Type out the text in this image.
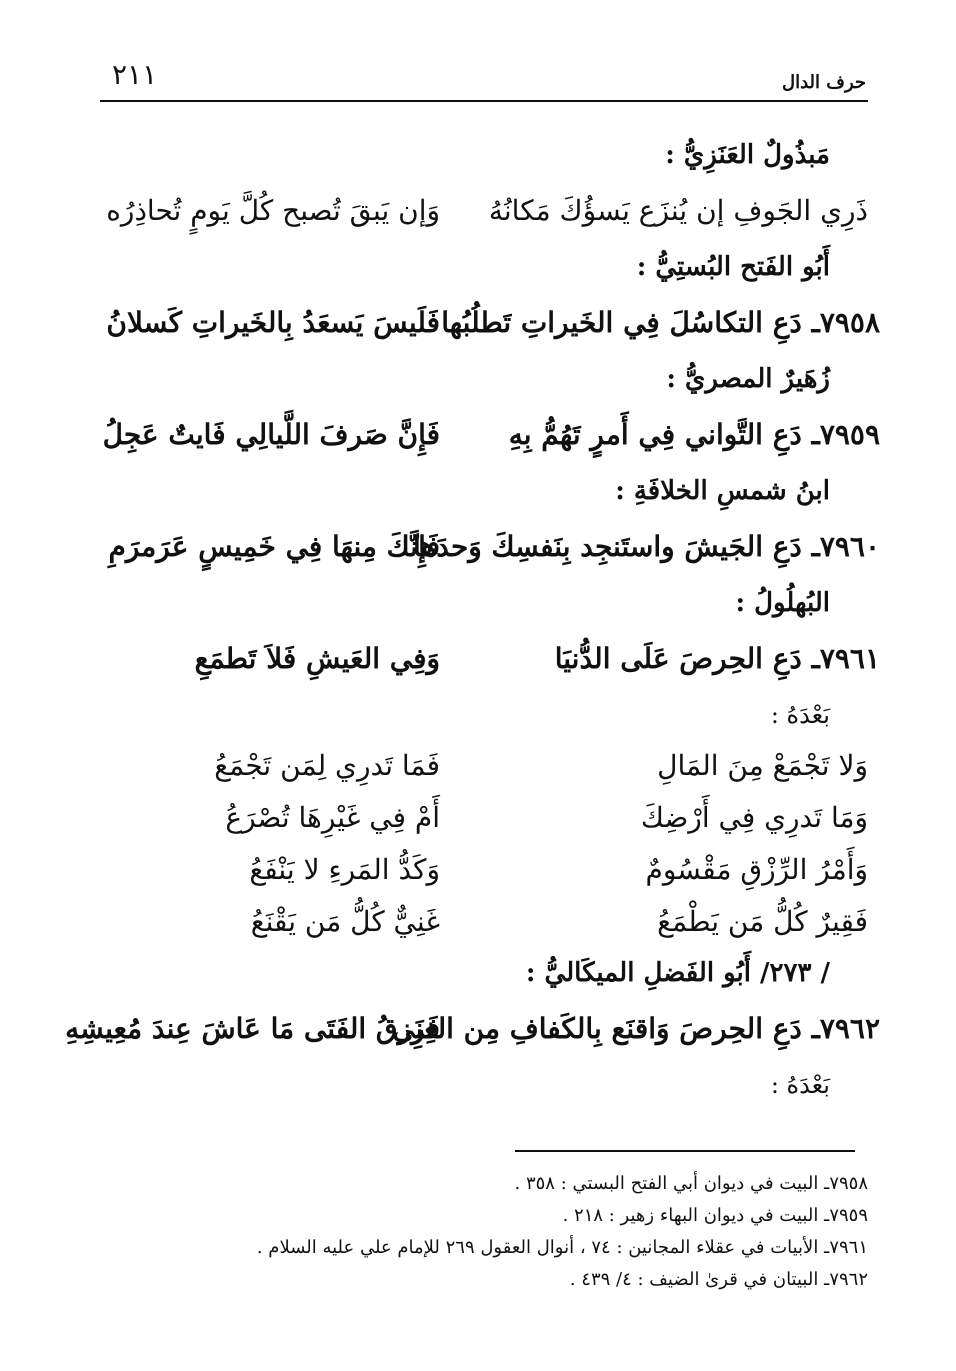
٢١١	حرف الدال
مَبذُولٌ العَنَزِيُّ :
ذَرِي الجَوفِ إن يُنزَع يَسؤُكَ مَكانُهُ
وَإن يَبقَ تُصبح كُلَّ يَومٍ تُحاذِرُه
أَبُو الفَتح البُستِيُّ :
٧٩٥٨ـ دَعِ التكاسُلَ فِي الخَيراتِ تَطلُبُها
فَلَيسَ يَسعَدُ بِالخَيراتِ كَسلانُ
زُهَيرٌ المصريُّ :
٧٩٥٩ـ دَعِ التَّواني فِي أَمرٍ تَهُمُّ بِهِ
فَإِنَّ صَرفَ اللَّيالِي فَايتٌ عَجِلُ
ابنُ شمسِ الخلافَةِ :
٧٩٦٠ـ دَعِ الجَيشَ واستَنجِد بِنَفسِكَ وَحدَها
فَإِنَّكَ مِنهَا فِي خَمِيسٍ عَرَمرَمِ
البُهلُولُ :
٧٩٦١ـ دَعِ الحِرصَ عَلَى الدُّنيَا
وَفِي العَيشِ فَلاَ تَطمَعِ
بَعْدَهُ :
وَلا تَجْمَعْ مِنَ المَالِ
فَمَا تَدرِي لِمَن تَجْمَعُ
وَمَا تَدرِي فِي أَرْضِكَ
أَمْ فِي غَيْرِهَا تُصْرَعُ
وَأَمْرُ الرِّزْقِ مَقْسُومٌ
وَكَدُّ المَرءِ لا يَنْفَعُ
فَقِيرٌ كُلُّ مَن يَطْمَعُ
غَنِيٌّ كُلُّ مَن يَقْنَعُ
/ ٢٧٣/ أَبُو الفَضلِ الميكَاليُّ :
٧٩٦٢ـ دَعِ الحِرصَ وَاقنَع بِالكَفافِ مِن الغِنَى
فَرِزقُ الفَتَى مَا عَاشَ عِندَ مُعِيشِهِ
بَعْدَهُ :
٧٩٥٨ـ البيت في ديوان أبي الفتح البستي : ٣٥٨ .
٧٩٥٩ـ البيت في ديوان البهاء زهير : ٢١٨ .
٧٩٦١ـ الأبيات في عقلاء المجانين : ٧٤ ، أنوال العقول ٢٦٩ للإمام علي عليه السلام .
٧٩٦٢ـ البيتان في قرىٰ الضيف : ٤/ ٤٣٩ .
